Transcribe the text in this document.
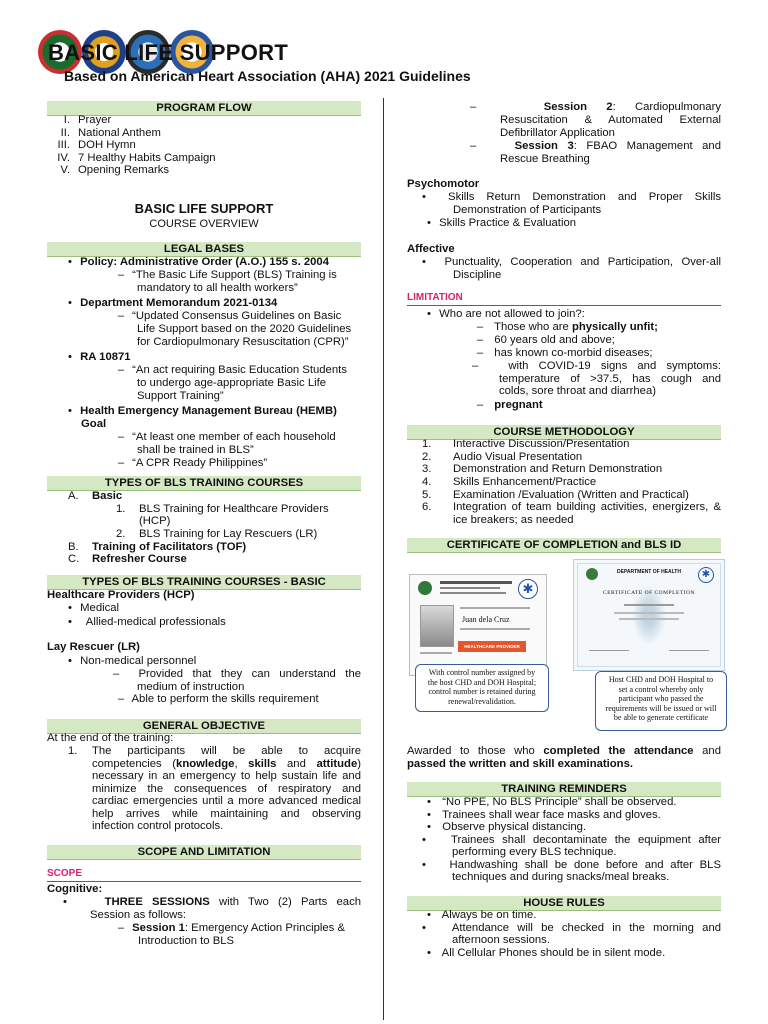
BASIC LIFE SUPPORT
Based on American Heart Association (AHA) 2021 Guidelines
PROGRAM FLOW
I. Prayer
II. National Anthem
III. DOH Hymn
IV. 7 Healthy Habits Campaign
V. Opening Remarks
BASIC LIFE SUPPORT
COURSE OVERVIEW
LEGAL BASES
• Policy: Administrative Order (A.O.) 155 s. 2004
– “The Basic Life Support (BLS) Training is
mandatory to all health workers”
• Department Memorandum 2021-0134
– “Updated Consensus Guidelines on Basic
Life Support based on the 2020 Guidelines
for Cardiopulmonary Resuscitation (CPR)”
• RA 10871
– “An act requiring Basic Education Students
to undergo age-appropriate Basic Life
Support Training”
• Health Emergency Management Bureau (HEMB)
Goal
– “At least one member of each household
shall be trained in BLS”
– “A CPR Ready Philippines”
TYPES OF BLS TRAINING COURSES
A. Basic
1. BLS Training for Healthcare Providers
(HCP)
2. BLS Training for Lay Rescuers (LR)
B. Training of Facilitators (TOF)
C. Refresher Course
TYPES OF BLS TRAINING COURSES - BASIC
Healthcare Providers (HCP)
• Medical
• Allied-medical professionals
Lay Rescuer (LR)
• Non-medical personnel
– Provided that they can understand the
medium of instruction
– Able to perform the skills requirement
GENERAL OBJECTIVE
At the end of the training:
1. The participants will be able to acquire
competencies (knowledge, skills and attitude)
necessary in an emergency to help sustain life and
minimize the consequences of respiratory and
cardiac emergencies until a more advanced medical
help arrives while maintaining and observing
infection control protocols.
SCOPE AND LIMITATION
SCOPE
Cognitive:
•	THREE SESSIONS with Two (2) Parts each
Session as follows:
– Session 1: Emergency Action Principles &
Introduction to BLS
–	Session 2: Cardiopulmonary
Resuscitation & Automated External
Defibrillator Application
–	Session 3: FBAO Management and
Rescue Breathing
Psychomotor
• Skills Return Demonstration and Proper Skills
Demonstration of Participants
• Skills Practice & Evaluation
Affective
• Punctuality, Cooperation and Participation, Over-all
Discipline
LIMITATION
• Who are not allowed to join?:
– Those who are physically unfit;
– 60 years old and above;
– has known co-morbid diseases;
–	with COVID-19 signs and symptoms:
temperature of >37.5, has cough and
colds, sore throat and diarrhea)
– pregnant
COURSE METHODOLOGY
1. Interactive Discussion/Presentation
2. Audio Visual Presentation
3. Demonstration and Return Demonstration
4. Skills Enhancement/Practice
5. Examination /Evaluation (Written and Practical)
6. Integration of team building activities, energizers, &
ice breakers; as needed
CERTIFICATE OF COMPLETION and BLS ID
✱
Juan dela Cruz
HEALTHCARE PROVIDER
✱
DEPARTMENT OF HEALTH
CERTIFICATE OF COMPLETION
With control number assigned by
the host CHD and DOH Hospital;
control number is retained during
renewal/revalidation.
Host CHD and DOH Hospital to
set a control whereby only
participant who passed the
requirements will be issued or will
be able to generate certificate
Awarded to those who completed the attendance and
passed the written and skill examinations.
TRAINING REMINDERS
• “No PPE, No BLS Principle” shall be observed.
• Trainees shall wear face masks and gloves.
• Observe physical distancing.
• Trainees shall decontaminate the equipment after
performing every BLS technique.
• Handwashing shall be done before and after BLS
techniques and during snacks/meal breaks.
HOUSE RULES
• Always be on time.
• Attendance will be checked in the morning and
afternoon sessions.
• All Cellular Phones should be in silent mode.
